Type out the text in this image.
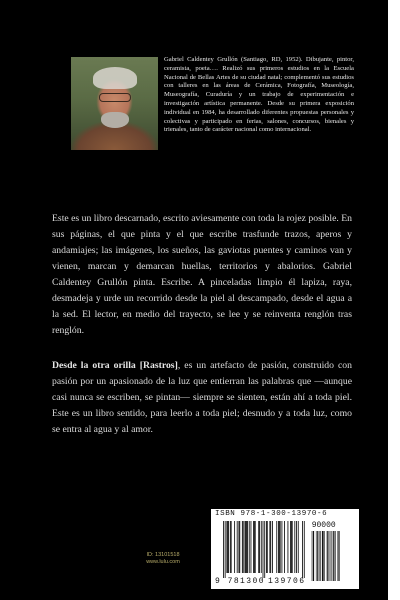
Gabriel Caldentey Grullón (Santiago, RD, 1952). Dibujante, pintor, ceramista, poeta…. Realizó sus primeros estudios en la Escuela Nacional de Bellas Artes de su ciudad natal; complementó sus estudios con talleres en las áreas de Cerámica, Fotografía, Museología, Museografía, Curaduría y un trabajo de experimentación e investigación artística permanente. Desde su primera exposición individual en 1984, ha desarrollado diferentes propuestas personales y colectivas y participado en ferias, salones, concursos, bienales y trienales, tanto de carácter nacional como internacional.

Este es un libro descarnado, escrito aviesamente con toda la rojez posible. En sus páginas, el que pinta y el que escribe trasfunde trazos, aperos y andamiajes; las imágenes, los sueños, las gaviotas puentes y caminos van y vienen, marcan y demarcan huellas, territorios y abalorios. Gabriel Caldentey Grullón pinta. Escribe. A pinceladas limpio él lapiza, raya, desmadeja y urde un recorrido desde la piel al descampado, desde el agua a la sed. El lector, en medio del trayecto, se lee y se reinventa renglón tras renglón.

Desde la otra orilla [Rastros], es un artefacto de pasión, construido con pasión por un apasionado de la luz que entierran las palabras que —aunque casi nunca se escriben, se pintan— siempre se sienten, están ahí a toda piel. Este es un libro sentido, para leerlo a toda piel; desnudo y a toda luz, como se entra al agua y al amor.

ID: 13101518
www.lulu.com
ISBN 978-1-300-13970-6
9 781300 139706
90000
